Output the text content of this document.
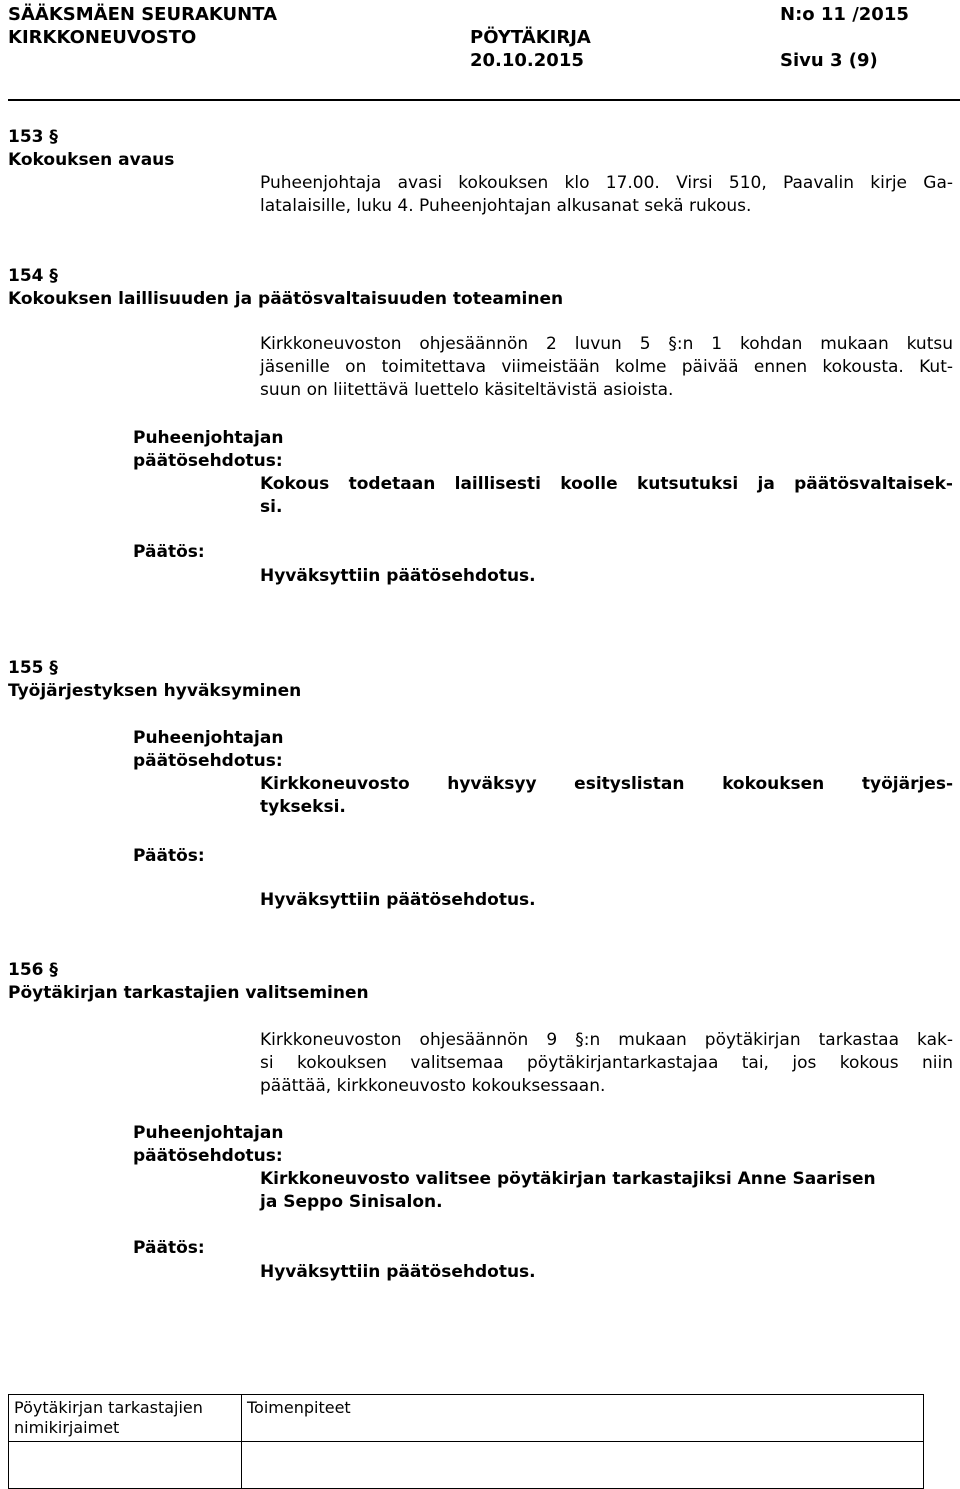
SÄÄKSMÄEN SEURAKUNTA
KIRKKONEUVOSTO	PÖYTÄKIRJA
20.10.2015
N:o 11 /2015
Sivu 3 (9)
153 §
Kokouksen avaus
Puheenjohtaja avasi kokouksen klo 17.00. Virsi 510, Paavalin kirje Ga-
latalaisille, luku 4. Puheenjohtajan alkusanat sekä rukous.
154 §
Kokouksen laillisuuden ja päätösvaltaisuuden toteaminen
Kirkkoneuvoston ohjesäännön 2 luvun 5 §:n 1 kohdan mukaan kutsu
jäsenille on toimitettava viimeistään kolme päivää ennen kokousta. Kut-
suun on liitettävä luettelo käsiteltävistä asioista.
Puheenjohtajan
päätösehdotus:
Kokous todetaan laillisesti koolle kutsutuksi ja päätösvaltaisek-
si.
Päätös:
Hyväksyttiin päätösehdotus.
155 §
Työjärjestyksen hyväksyminen
Puheenjohtajan
päätösehdotus:
Kirkkoneuvosto hyväksyy esityslistan kokouksen työjärjes-
tykseksi.
Päätös:
Hyväksyttiin päätösehdotus.
156 §
Pöytäkirjan tarkastajien valitseminen
Kirkkoneuvoston ohjesäännön 9 §:n mukaan pöytäkirjan tarkastaa kak-
si kokouksen valitsemaa pöytäkirjantarkastajaa tai, jos kokous niin
päättää, kirkkoneuvosto kokouksessaan.
Puheenjohtajan
päätösehdotus:
Kirkkoneuvosto valitsee pöytäkirjan tarkastajiksi Anne Saarisen
ja Seppo Sinisalon.
Päätös:
Hyväksyttiin päätösehdotus.
Pöytäkirjan tarkastajien
nimikirjaimet	Toimenpiteet
